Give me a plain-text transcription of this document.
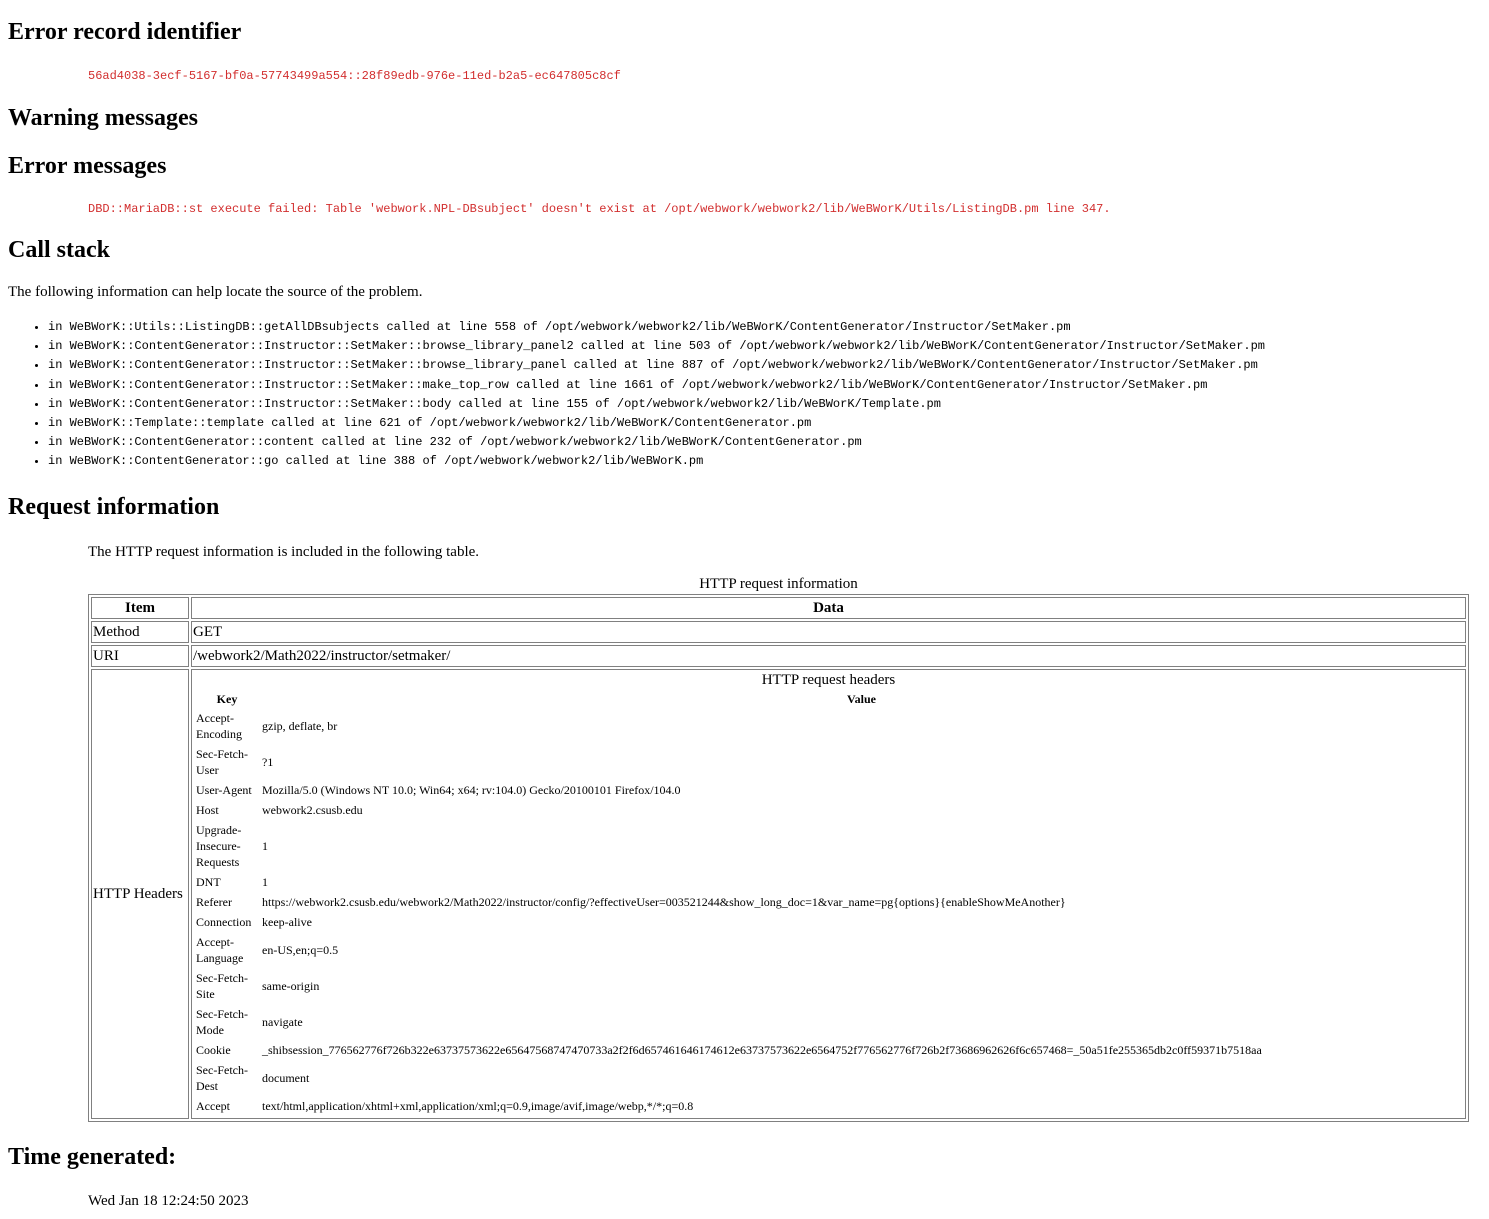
Error record identifier
56ad4038-3ecf-5167-bf0a-57743499a554::28f89edb-976e-11ed-b2a5-ec647805c8cf
Warning messages
Error messages
DBD::MariaDB::st execute failed: Table 'webwork.NPL-DBsubject' doesn't exist at /opt/webwork/webwork2/lib/WeBWorK/Utils/ListingDB.pm line 347.
Call stack
The following information can help locate the source of the problem.
• in WeBWorK::Utils::ListingDB::getAllDBsubjects called at line 558 of /opt/webwork/webwork2/lib/WeBWorK/ContentGenerator/Instructor/SetMaker.pm
• in WeBWorK::ContentGenerator::Instructor::SetMaker::browse_library_panel2 called at line 503 of /opt/webwork/webwork2/lib/WeBWorK/ContentGenerator/Instructor/SetMaker.pm
• in WeBWorK::ContentGenerator::Instructor::SetMaker::browse_library_panel called at line 887 of /opt/webwork/webwork2/lib/WeBWorK/ContentGenerator/Instructor/SetMaker.pm
• in WeBWorK::ContentGenerator::Instructor::SetMaker::make_top_row called at line 1661 of /opt/webwork/webwork2/lib/WeBWorK/ContentGenerator/Instructor/SetMaker.pm
• in WeBWorK::ContentGenerator::Instructor::SetMaker::body called at line 155 of /opt/webwork/webwork2/lib/WeBWorK/Template.pm
• in WeBWorK::Template::template called at line 621 of /opt/webwork/webwork2/lib/WeBWorK/ContentGenerator.pm
• in WeBWorK::ContentGenerator::content called at line 232 of /opt/webwork/webwork2/lib/WeBWorK/ContentGenerator.pm
• in WeBWorK::ContentGenerator::go called at line 388 of /opt/webwork/webwork2/lib/WeBWorK.pm
Request information
The HTTP request information is included in the following table.
HTTP request information
Item	Data
Method	GET
URI	/webwork2/Math2022/instructor/setmaker/
HTTP Headers	
HTTP request headers
Key	Value
Accept-Encoding	gzip, deflate, br
Sec-Fetch-User	?1
User-Agent	Mozilla/5.0 (Windows NT 10.0; Win64; x64; rv:104.0) Gecko/20100101 Firefox/104.0
Host	webwork2.csusb.edu
Upgrade-Insecure-Requests	1
DNT	1
Referer	https://webwork2.csusb.edu/webwork2/Math2022/instructor/config/?effectiveUser=003521244&show_long_doc=1&var_name=pg{options}{enableShowMeAnother}
Connection	keep-alive
Accept-Language	en-US,en;q=0.5
Sec-Fetch-Site	same-origin
Sec-Fetch-Mode	navigate
Cookie	_shibsession_776562776f726b322e63737573622e65647568747470733a2f2f6d657461646174612e63737573622e6564752f776562776f726b2f73686962626f6c657468=_50a51fe255365db2c0ff59371b7518aa
Sec-Fetch-Dest	document
Accept	text/html,application/xhtml+xml,application/xml;q=0.9,image/avif,image/webp,*/*;q=0.8
Time generated:
Wed Jan 18 12:24:50 2023
